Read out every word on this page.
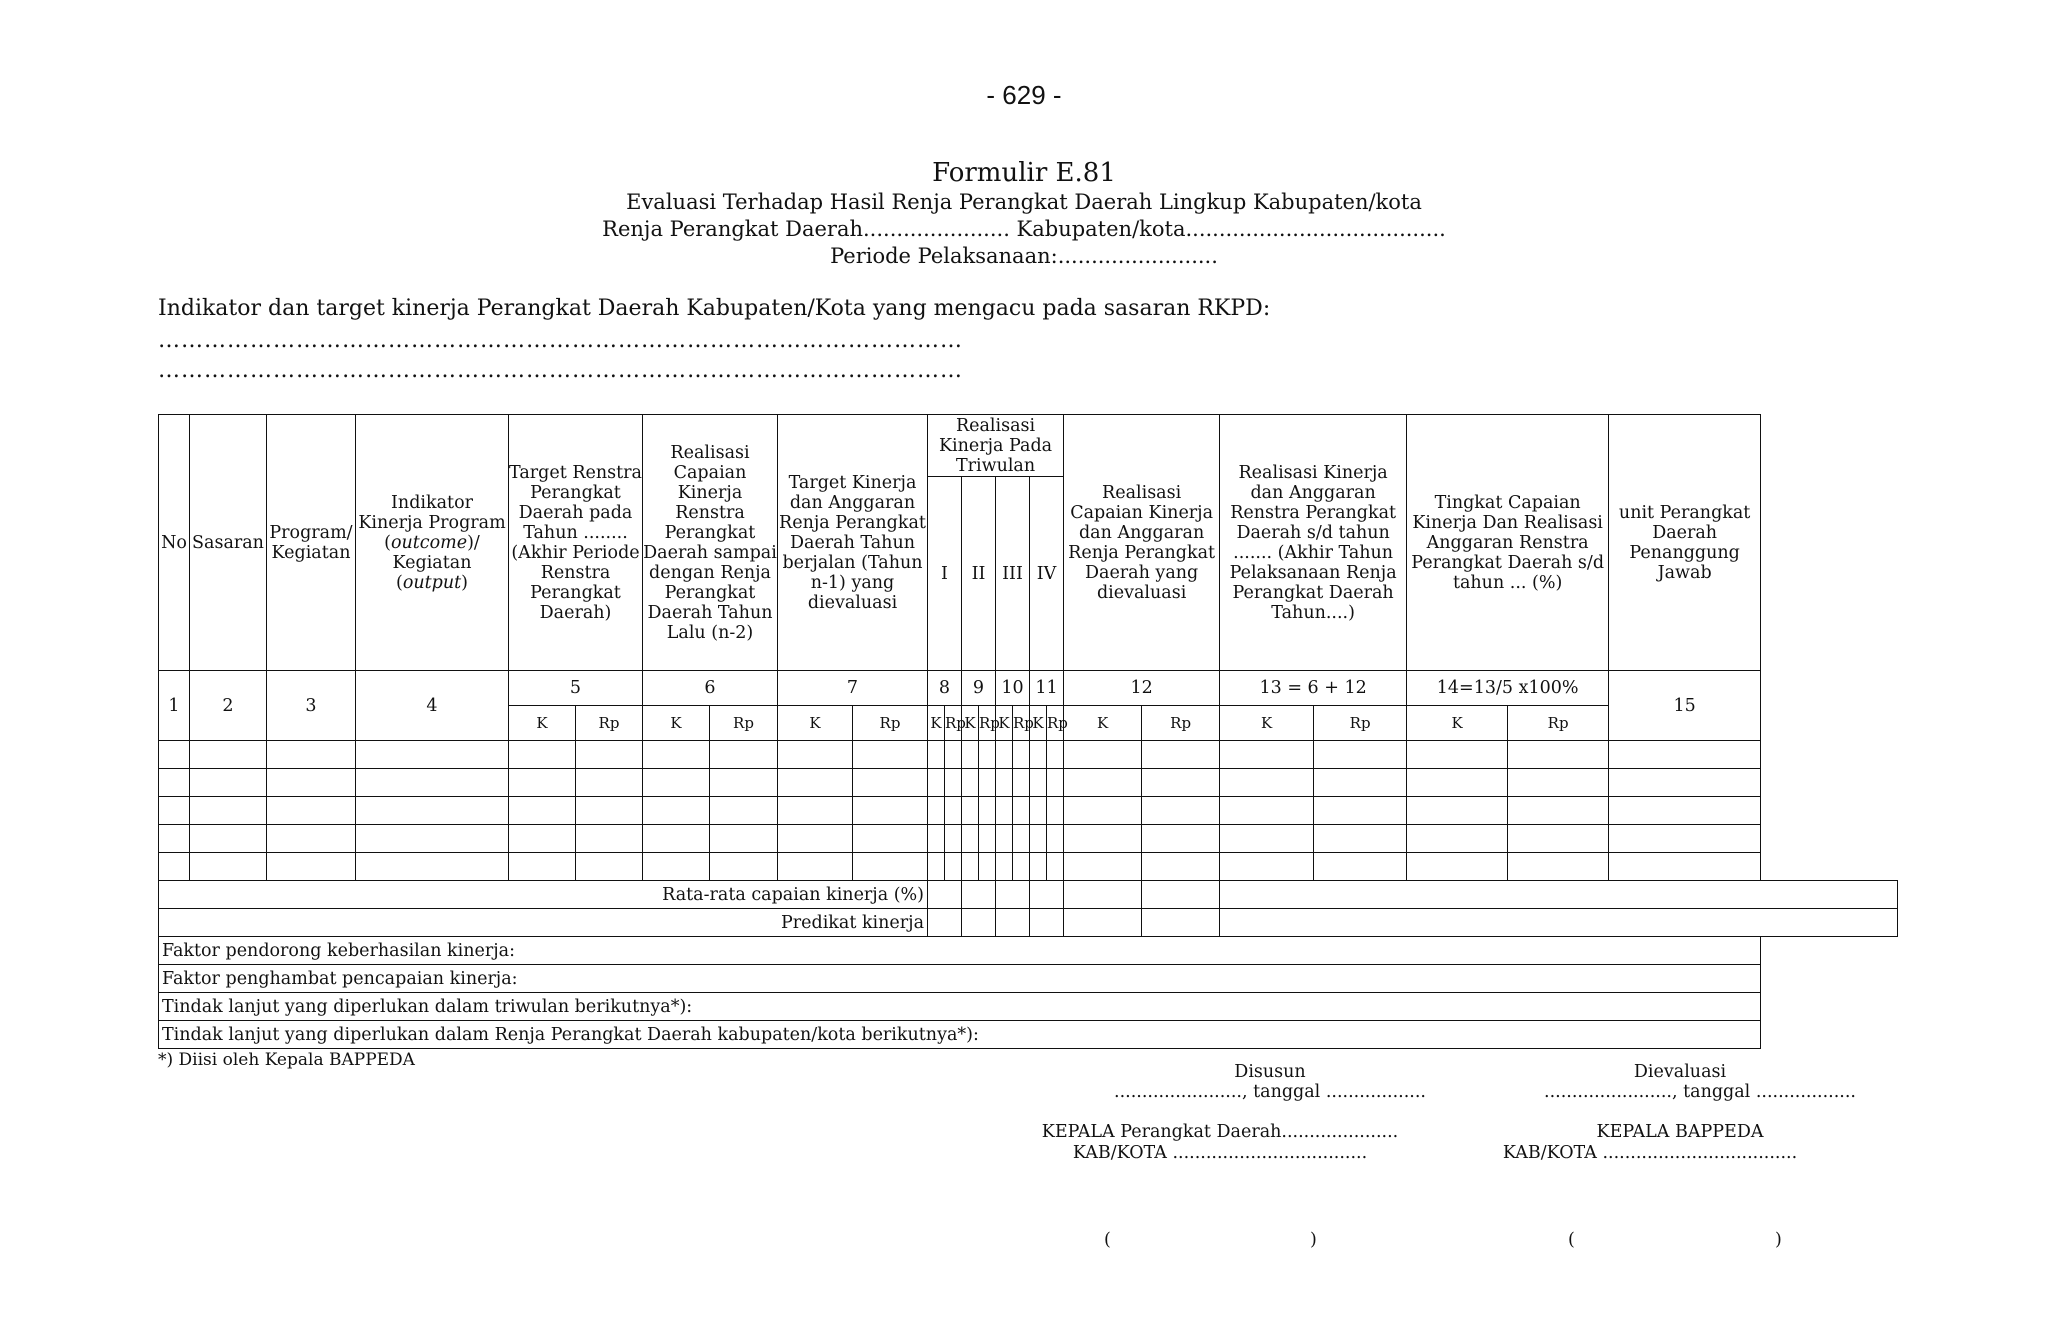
- 629 -
Formulir E.81
Evaluasi Terhadap Hasil Renja Perangkat Daerah Lingkup Kabupaten/kota
Renja Perangkat Daerah...................... Kabupaten/kota.......................................
Periode Pelaksanaan:........................
Indikator dan target kinerja Perangkat Daerah Kabupaten/Kota yang mengacu pada sasaran RKPD:
……………………………………………………………………………………………
……………………………………………………………………………………………
No	Sasaran	Program/ Kegiatan	Indikator Kinerja Program (outcome)/ Kegiatan (output)	Target Renstra Perangkat Daerah pada Tahun ........ (Akhir Periode Renstra Perangkat Daerah)		Realisasi Capaian Kinerja Renstra Perangkat Daerah sampai dengan Renja Perangkat Daerah Tahun Lalu (n-2)		Target Kinerja dan Anggaran Renja Perangkat Daerah Tahun berjalan (Tahun n-1) yang dievaluasi		Realisasi Kinerja Pada Triwulan								Realisasi Capaian Kinerja dan Anggaran Renja Perangkat Daerah yang dievaluasi		Realisasi Kinerja dan Anggaran Renstra Perangkat Daerah s/d tahun ....... (Akhir Tahun Pelaksanaan Renja Perangkat Daerah Tahun....)		Tingkat Capaian Kinerja Dan Realisasi Anggaran Renstra Perangkat Daerah s/d tahun ... (%)		unit Perangkat Daerah Penanggung Jawab
										I		II		III		IV								
1	2	3	4	5		6		7		8		9		10		11		12		13 = 6 + 12		14=13/5 x100%		15
				K	Rp	K	Rp	K	Rp	K	Rp	K	Rp	K	Rp	K	Rp	K	Rp	K	Rp	K	Rp	

Rata-rata capaian kinerja (%)																								
Predikat kinerja																								
Faktor pendorong keberhasilan kinerja:																								
Faktor penghambat pencapaian kinerja:																								
Tindak lanjut yang diperlukan dalam triwulan berikutnya*):																								
Tindak lanjut yang diperlukan dalam Renja Perangkat Daerah kabupaten/kota berikutnya*):																								
*) Diisi oleh Kepala BAPPEDA
Disusun
......................., tanggal ..................
KEPALA Perangkat Daerah.....................
KAB/KOTA ...................................
(	)
Dievaluasi
......................., tanggal ..................
KEPALA BAPPEDA
KAB/KOTA ...................................
(	)
